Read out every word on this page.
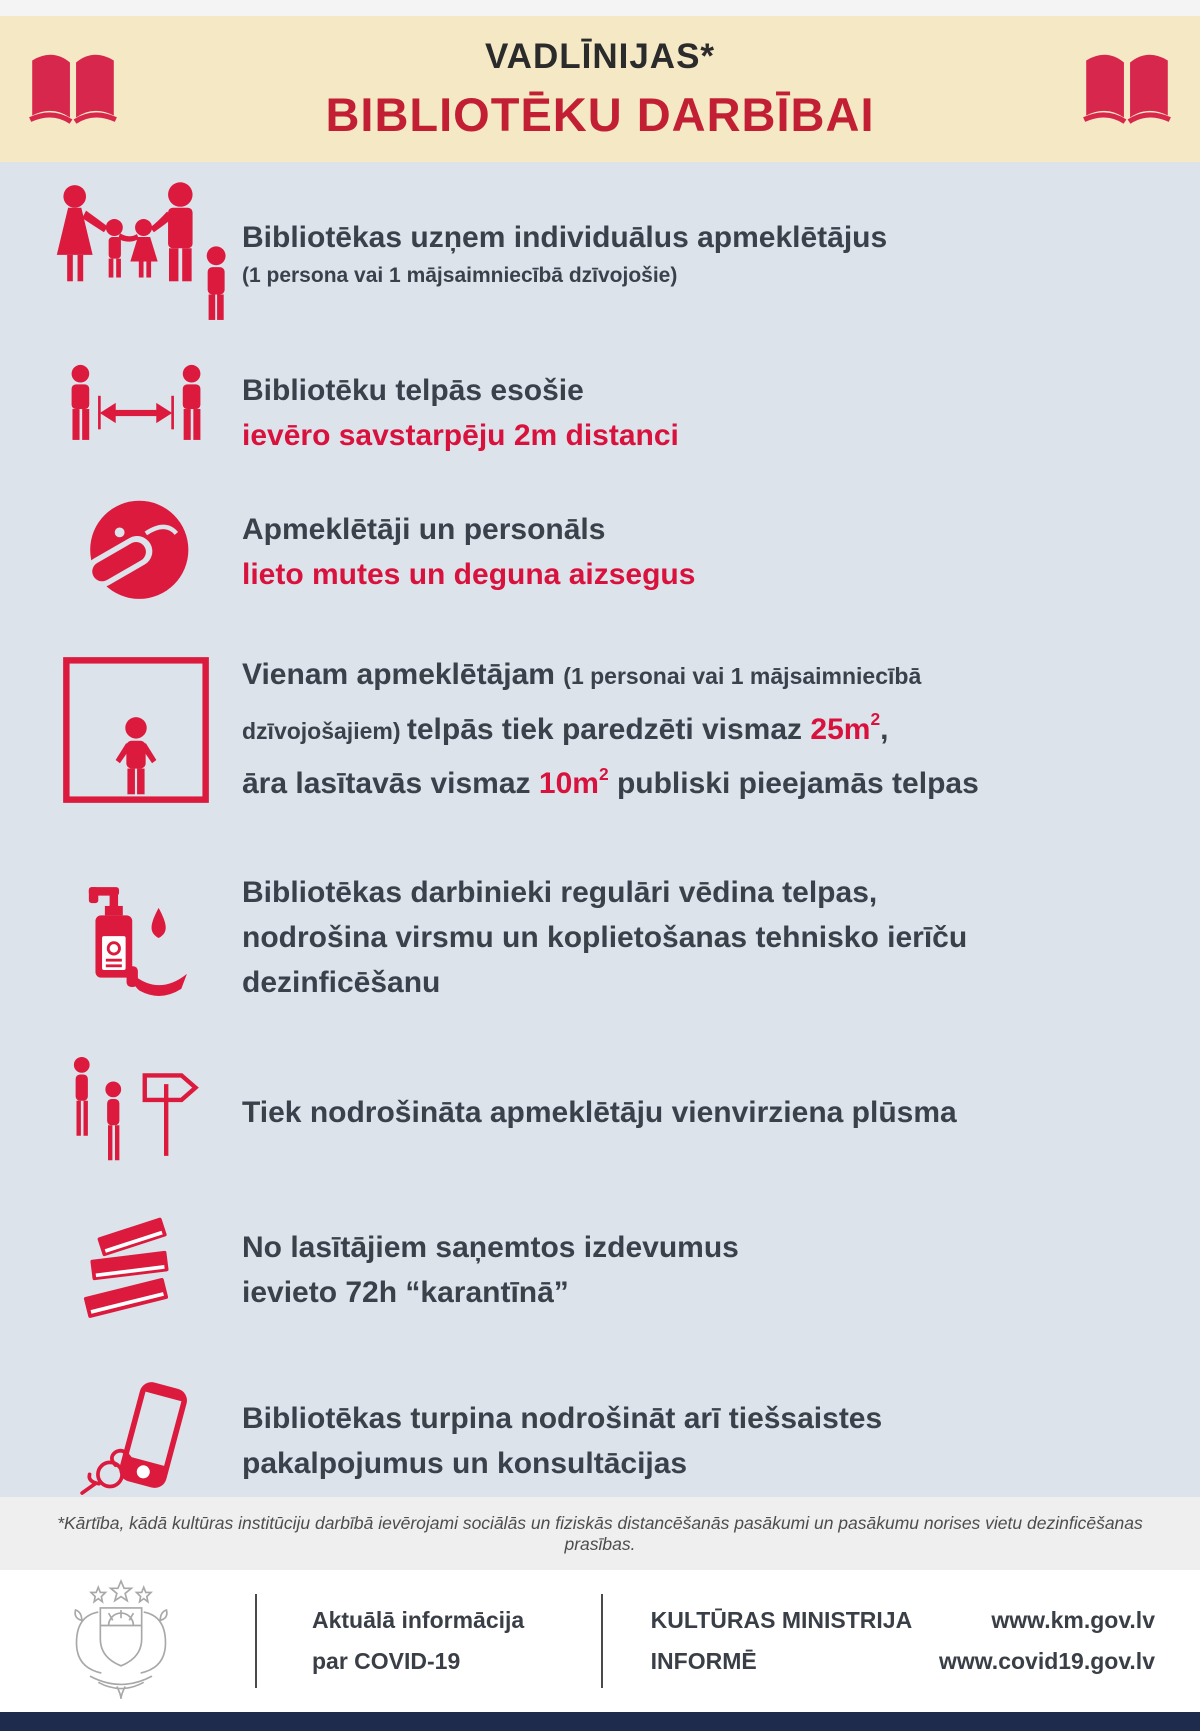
VADLĪNIJAS*

BIBLIOTĒKU DARBĪBAI

Bibliotēkas uzņem individuālus apmeklētājus
(1 persona vai 1 mājsaimniecībā dzīvojošie)
Bibliotēku telpās esošie
ievēro savstarpēju 2m distanci
Apmeklētāji un personāls
lieto mutes un deguna aizsegus

Vienam apmeklētājam (1 personai vai 1 mājsaimniecībā
dzīvojošajiem) telpās tiek paredzēti vismaz $25m^2$,
āra lasītavās vismaz $10m^2$ publiski pieejamās telpas

Bibliotēkas darbinieki regulāri vēdina telpas,
nodrošina virsmu un koplietošanas tehnisko ierīču
dezinficēšanu
Tiek nodrošināta apmeklētāju vienvirziena plūsma
No lasītājiem saņemtos izdevumus
ievieto 72h “karantīnā”
Bibliotēkas turpina nodrošināt arī tiešsaistes
pakalpojumus un konsultācijas
*Kārtība, kādā kultūras institūciju darbībā ievērojami sociālās un fiziskās distancēšanās pasākumi un pasākumu norises vietu dezinficēšanas prasības.
Aktuālā informācija
par COVID-19
KULTŪRAS MINISTRIJA
INFORMĒ
www.km.gov.lv
www.covid19.gov.lv
